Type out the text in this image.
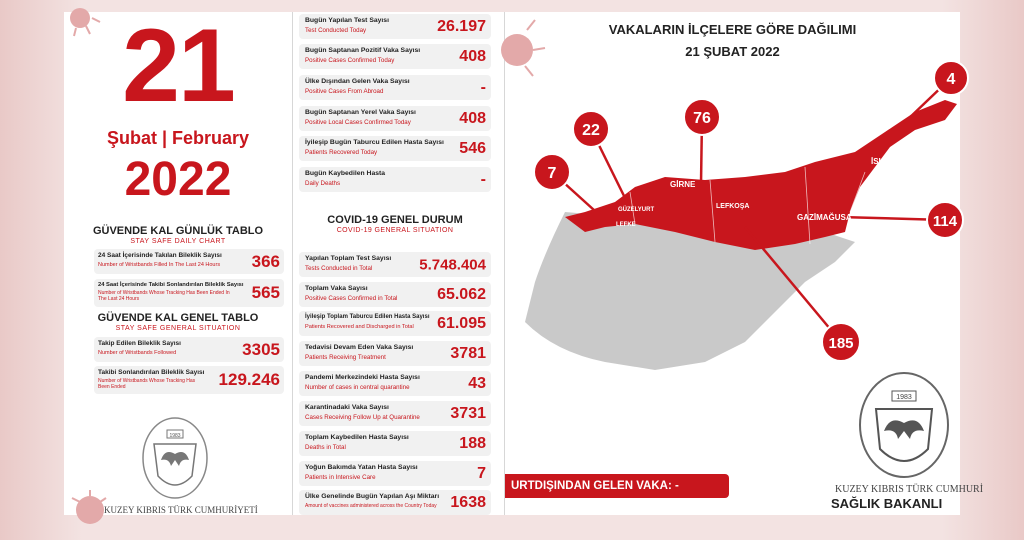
21
Şubat | February
2022
GÜVENDE KAL GÜNLÜK TABLO
STAY SAFE DAILY CHART
24 Saat İçerisinde Takılan Bileklik Sayısı
Number of Wristbands Filled In The Last 24 Hours	366
24 Saat İçerisinde Takibi Sonlandırılan Bileklik Sayısı
Number of Wristbands Whose Tracking Has Been Ended In The Last 24 Hours	565
GÜVENDE KAL GENEL TABLO
STAY SAFE GENERAL SITUATION
Takip Edilen Bileklik Sayısı
Number of Wristbands Followed	3305
Takibi Sonlandırılan Bileklik Sayısı
Number of Wristbands Whose Tracking Has Been Ended	129.246
1983
KUZEY KIBRIS TÜRK CUMHURİYETİ
Bugün Yapılan Test Sayısı
Test Conducted Today	26.197
Bugün Saptanan Pozitif Vaka Sayısı
Positive Cases Confirmed Today	408
Ülke Dışından Gelen Vaka Sayısı
Positive Cases From Abroad	-
Bugün Saptanan Yerel Vaka Sayısı
Positive Local Cases Confirmed Today	408
İyileşip Bugün Taburcu Edilen Hasta Sayısı
Patients Recovered Today	546
Bugün Kaybedilen Hasta
Daily Deaths	-
COVID-19 GENEL DURUM
COVID-19 GENERAL SITUATION
Yapılan Toplam Test Sayısı
Tests Conducted in Total	5.748.404
Toplam Vaka Sayısı
Positive Cases Confirmed in Total 65.062
İyileşip Toplam Taburcu Edilen Hasta Sayısı
Patients Recovered and Discharged in Total 61.095
Tedavisi Devam Eden Vaka Sayısı
Patients Receiving Treatment	3781
Pandemi Merkezindeki Hasta Sayısı
Number of cases in central quarantine	43
Karantinadaki Vaka Sayısı
Cases Receiving Follow Up at Quarantine 3731
Toplam Kaybedilen Hasta Sayısı
Deaths in Total	188
Yoğun Bakımda Yatan Hasta Sayısı
Patients in Intensive Care	7
Ülke Genelinde Bugün Yapılan Aşı Miktarı
Amount of vaccines administered across the Country Today 1638
VAKALARIN İLÇELERE GÖRE DAĞILIMI
21 ŞUBAT 2022
LEFKE
GÜZELYURT
GİRNE
İSKELE
GAZİMAĞUSA
LEFKOŞA
7
22
76
4
114
185
1983
URTDIŞINDAN GELEN VAKA: -	KUZEY KIBRIS TÜRK CUMHURİ
SAĞLIK BAKANLI
